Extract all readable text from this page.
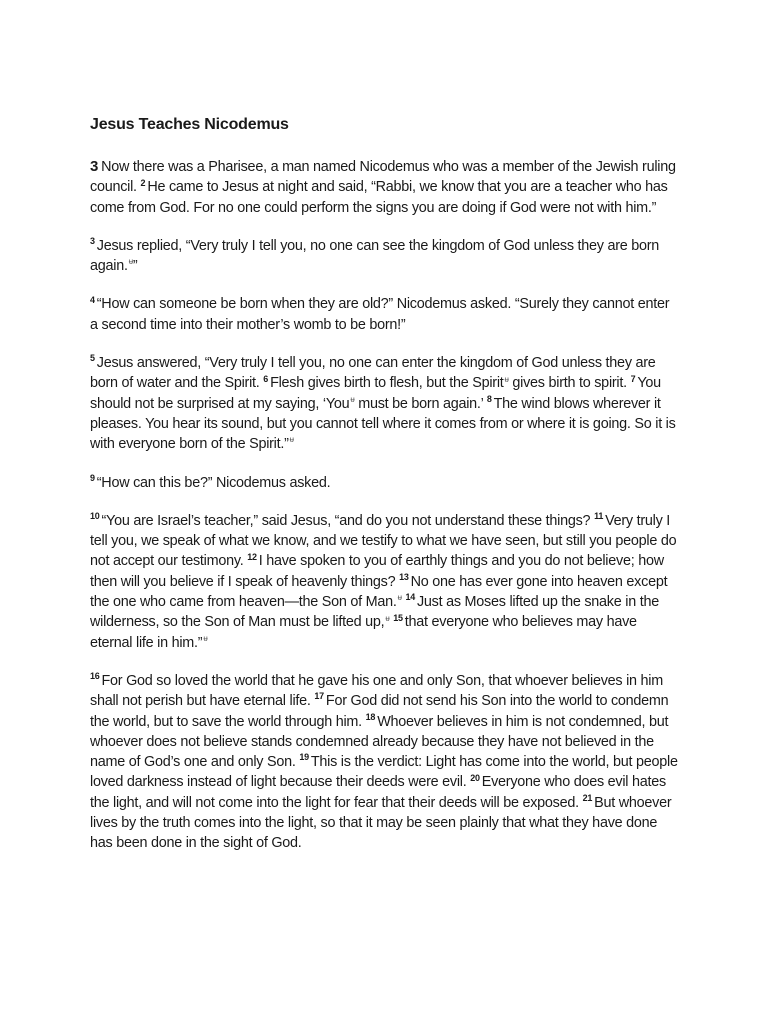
Jesus Teaches Nicodemus

3 Now there was a Pharisee, a man named Nicodemus who was a member of the Jewish ruling council. $^2$ He came to Jesus at night and said, “Rabbi, we know that you are a teacher who has come from God. For no one could perform the signs you are doing if God were not with him.”

$^3$ Jesus replied, “Very truly I tell you, no one can see the kingdom of God unless they are born again.$^ᵾ$”

$^4$ “How can someone be born when they are old?” Nicodemus asked. “Surely they cannot enter a second time into their mother’s womb to be born!”

$^5$ Jesus answered, “Very truly I tell you, no one can enter the kingdom of God unless they are born of water and the Spirit. $^6$ Flesh gives birth to flesh, but the Spirit$^ᵾ$ gives birth to spirit. $^7$ You should not be surprised at my saying, ‘You$^ᵾ$ must be born again.’ $^8$ The wind blows wherever it pleases. You hear its sound, but you cannot tell where it comes from or where it is going. So it is with everyone born of the Spirit.”$^ᵾ$

$^9$ “How can this be?” Nicodemus asked.

$^{10}$ “You are Israel’s teacher,” said Jesus, “and do you not understand these things? $^{11}$ Very truly I tell you, we speak of what we know, and we testify to what we have seen, but still you people do not accept our testimony. $^{12}$ I have spoken to you of earthly things and you do not believe; how then will you believe if I speak of heavenly things? $^{13}$ No one has ever gone into heaven except the one who came from heaven—the Son of Man.$^ᵾ$ $^{14}$ Just as Moses lifted up the snake in the wilderness, so the Son of Man must be lifted up,$^ᵾ$ $^{15}$ that everyone who believes may have eternal life in him.”$^ᵾ$

$^{16}$ For God so loved the world that he gave his one and only Son, that whoever believes in him shall not perish but have eternal life. $^{17}$ For God did not send his Son into the world to condemn the world, but to save the world through him. $^{18}$ Whoever believes in him is not condemned, but whoever does not believe stands condemned already because they have not believed in the name of God’s one and only Son. $^{19}$ This is the verdict: Light has come into the world, but people loved darkness instead of light because their deeds were evil. $^{20}$ Everyone who does evil hates the light, and will not come into the light for fear that their deeds will be exposed. $^{21}$ But whoever lives by the truth comes into the light, so that it may be seen plainly that what they have done has been done in the sight of God.
